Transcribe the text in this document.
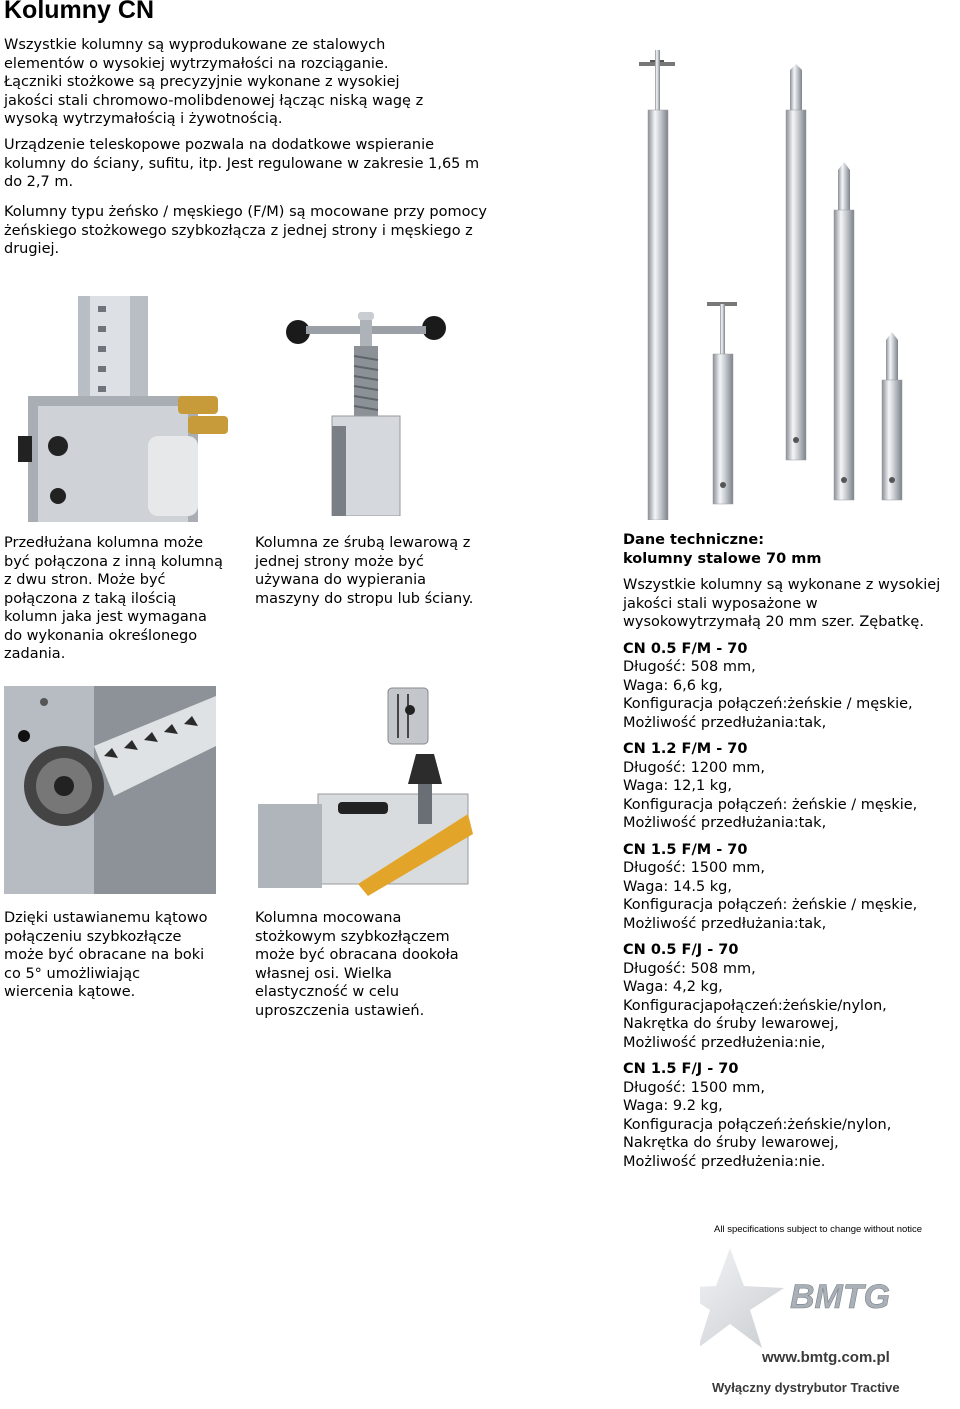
Kolumny CN

Wszystkie kolumny są wyprodukowane ze stalowych elementów o wysokiej wytrzymałości na rozciąganie. Łączniki stożkowe są precyzyjnie wykonane z wysokiej jakości stali chromowo-molibdenowej łącząc niską wagę z wysoką wytrzymałością i żywotnością.

Urządzenie teleskopowe pozwala na dodatkowe wspieranie kolumny do ściany, sufitu, itp. Jest regulowane w zakresie 1,65 m do 2,7 m.

Kolumny typu żeńsko / męskiego (F/M) są mocowane przy pomocy żeńskiego stożkowego szybkozłącza z jednej strony i męskiego z drugiej.

Przedłużana kolumna może być połączona z inną kolumną z dwu stron. Może być połączona z taką ilością kolumn jaka jest wymagana do wykonania określonego zadania.

Kolumna ze śrubą lewarową z jednej strony może być używana do wypierania maszyny do stropu lub ściany.

Dzięki ustawianemu kątowo połączeniu szybkozłącze może być obracane na boki co 5° umożliwiając wiercenia kątowe.

Kolumna mocowana stożkowym szybkozłączem może być obracana dookoła własnej osi. Wielka elastyczność w celu uproszczenia ustawień.

Dane techniczne:
kolumny stalowe 70 mm
Wszystkie kolumny są wykonane z wysokiej jakości stali wyposażone w wysokowytrzymałą 20 mm szer. Zębatkę.
CN 0.5 F/M - 70
Długość: 508 mm,
Waga: 6,6 kg,
Konfiguracja połączeń:żeńskie / męskie,
Możliwość przedłużania:tak,
CN 1.2 F/M - 70
Długość: 1200 mm,
Waga: 12,1 kg,
Konfiguracja połączeń: żeńskie / męskie,
Możliwość przedłużania:tak,
CN 1.5 F/M - 70
Długość: 1500 mm,
Waga: 14.5 kg,
Konfiguracja połączeń: żeńskie / męskie,
Możliwość przedłużania:tak,
CN 0.5 F/J - 70
Długość: 508 mm,
Waga: 4,2 kg,
Konfiguracjapołączeń:żeńskie/nylon,
Nakrętka do śruby lewarowej,
Możliwość przedłużenia:nie,
CN 1.5 F/J - 70
Długość: 1500 mm,
Waga: 9.2 kg,
Konfiguracja połączeń:żeńskie/nylon,
Nakrętka do śruby lewarowej,
Możliwość przedłużenia:nie.
All specifications subject to change without notice
BMTG
www.bmtg.com.pl
Wyłączny dystrybutor Tractive
